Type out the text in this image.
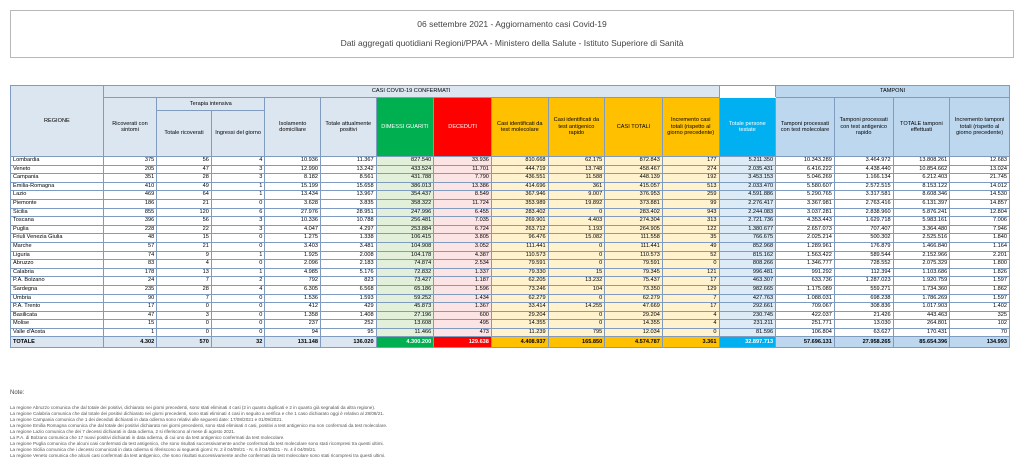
06 settembre 2021 - Aggiornamento casi Covid-19
Dati aggregati quotidiani Regioni/PPAA - Ministero della Salute - Istituto Superiore di Sanità
REGIONE	CASI COVID-19 CONFERMATI												TAMPONI			
	Ricoverati con sintomi	Terapia intensiva		Isolamento domiciliare	Totale attualmente positivi	DIMESSI GUARITI	DECEDUTI	Casi identificati da test molecolare	Casi identificati da test antigenico rapido	CASI TOTALI	Incremento casi totali (rispetto al giorno precedente)	Totale persone testate	Tamponi processati con test molecolare	Tamponi processati con test antigenico rapido	TOTALE tamponi effettuati	Incremento tamponi totali (rispetto al giorno precedente)
		Totale ricoverati	Ingressi del giorno													
Lombardia	375	56	4	10.936	11.367	827.540	33.936	810.668	62.175	872.843	177	5.211.350	10.343.289	3.464.972	13.808.261	12.683
Veneto	205	47	3	12.990	13.242	433.524	11.701	444.719	13.748	458.467	274	2.035.431	6.416.222	4.438.440	10.854.662	13.024
Campania	351	28	3	8.182	8.561	431.788	7.790	436.551	11.588	448.139	192	3.453.153	5.046.269	1.166.134	6.212.403	21.745
Emilia-Romagna	410	49	1	15.199	15.658	386.013	13.386	414.696	361	415.057	513	2.033.470	5.580.607	2.572.515	8.153.122	14.012
Lazio	469	64	1	13.434	13.967	354.437	8.549	367.946	9.007	376.953	259	4.591.886	5.290.765	3.317.581	8.608.346	14.530
Piemonte	186	21	0	3.628	3.835	358.322	11.724	353.989	19.892	373.881	99	2.276.417	3.367.981	2.763.416	6.131.397	14.857
Sicilia	855	120	6	27.976	28.951	247.996	6.455	283.402	0	283.402	943	2.244.083	3.037.281	2.838.960	5.876.241	12.804
Toscana	396	56	3	10.336	10.788	256.481	7.035	269.901	4.403	274.304	313	2.721.736	4.353.443	1.629.718	5.983.161	7.006
Puglia	228	22	3	4.047	4.297	253.884	6.724	263.712	1.193	264.905	122	1.380.677	2.657.073	707.407	3.364.480	7.946
Friuli Venezia Giulia	48	15	0	1.275	1.338	106.415	3.805	96.476	15.082	111.558	35	766.675	2.025.214	500.302	2.525.516	1.840
Marche	57	21	0	3.403	3.481	104.908	3.052	111.441	0	111.441	49	852.968	1.289.961	176.879	1.466.840	1.164
Liguria	74	9	1	1.925	2.008	104.178	4.387	110.573	0	110.573	52	815.162	1.563.422	589.544	2.152.966	2.201
Abruzzo	83	4	0	2.096	2.183	74.874	2.534	79.591	0	79.591	0	808.266	1.346.777	728.552	2.075.329	1.800
Calabria	178	13	1	4.985	5.176	72.832	1.337	79.330	15	79.345	121	996.481	991.292	112.394	1.103.686	1.826
P.A. Bolzano	24	7	2	792	823	73.427	1.187	62.205	13.232	75.437	17	463.307	633.736	1.287.023	1.920.759	1.597
Sardegna	235	28	4	6.305	6.568	65.186	1.596	73.246	104	73.350	129	982.665	1.175.089	559.271	1.734.360	1.862
Umbria	90	7	0	1.536	1.593	59.252	1.434	62.279	0	62.279	7	427.763	1.088.031	698.238	1.786.269	1.597
P.A. Trento	17	0	0	412	429	45.873	1.367	33.414	14.255	47.669	17	292.661	709.067	308.836	1.017.903	1.402
Basilicata	47	3	0	1.358	1.408	27.196	600	29.204	0	29.204	4	230.745	422.037	21.426	443.463	325
Molise	15	0	0	237	252	13.608	495	14.355	0	14.355	4	231.211	251.771	13.030	264.801	102
Valle d'Aosta	1	0	0	94	95	11.466	473	11.239	795	12.034	0	81.596	106.804	63.627	170.431	70
TOTALE	4.302	570	32	131.148	136.020	4.300.200	129.638	4.408.937	165.850	4.574.787	3.361	32.897.713	57.696.131	27.958.265	85.654.396	134.993
Note:
La regione Abruzzo comunica che dal totale dei positivi, dichiarato nei giorni precedenti, sono stati eliminati 4 casi (2 in quanto duplicati e 2 in quanto già segnalati da altra regione).
La regione Calabria comunica che dal totale dei positivi dichiarato nei giorni precedenti, sono stati eliminati 4 casi in seguito a verifica e che 1 caso dichiarato oggi è relativo al 28/08/21.
La regione Campania comunica che 1 dei deceduti dichiarati in data odierna sono relativi alle seguenti date: 17/08/2021 e 01/09/2021.
La regione Emilia Romagna comunica che dal totale dei positivi dichiarato nei giorni precedenti, sono stati eliminati 4 casi, positivi a test antigenico ma non confermati da test molecolare.
La regione Lazio comunica che dei 7 decessi dichiarati in data odierna, 2 si riferiscono al mese di agosto 2021.
La P.A. di Bolzano comunica che 17 nuovi positivi dichiarati in data odierna, di cui uno da test antigenico confermati da test molecolare.
La regione Puglia comunica che alcuni casi confermati da test antigenico, che sono risultati successivamente anche confermati da test molecolare sono stati ricompresi tra questi ultimi.
La regione Sicilia comunica che i decessi comunicati in data odierna si riferiscono ai seguenti giorni: N. 2 il 04/09/21 - N. 6 il 04/09/21 - N. 4 il 04/09/21.
La regione Veneto comunica che alcuni casi confermati da test antigenico, che sono risultati successivamente anche confermati da test molecolare sono stati ricompresi tra questi ultimi.
